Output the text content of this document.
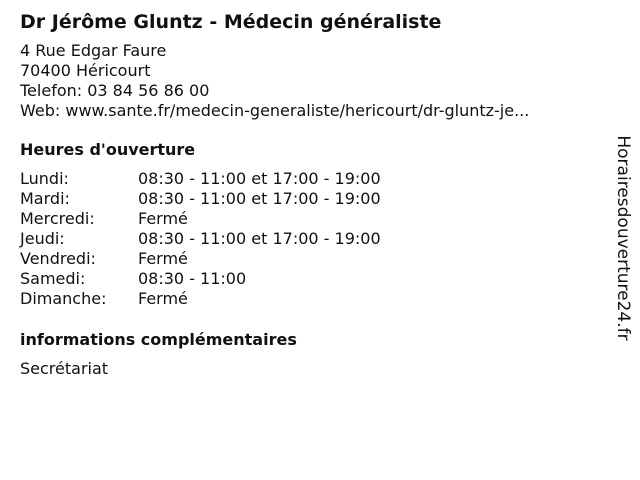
Dr Jérôme Gluntz - Médecin généraliste
4 Rue Edgar Faure
70400 Héricourt
Telefon: 03 84 56 86 00
Web: www.sante.fr/medecin-generaliste/hericourt/dr-gluntz-je...
Heures d'ouverture
Lundi:	08:30 - 11:00 et 17:00 - 19:00
Mardi:	08:30 - 11:00 et 17:00 - 19:00
Mercredi:	Fermé
Jeudi:	08:30 - 11:00 et 17:00 - 19:00
Vendredi:	Fermé
Samedi:	08:30 - 11:00
Dimanche: Fermé
informations complémentaires
Secrétariat
Horairesdouverture24.fr
